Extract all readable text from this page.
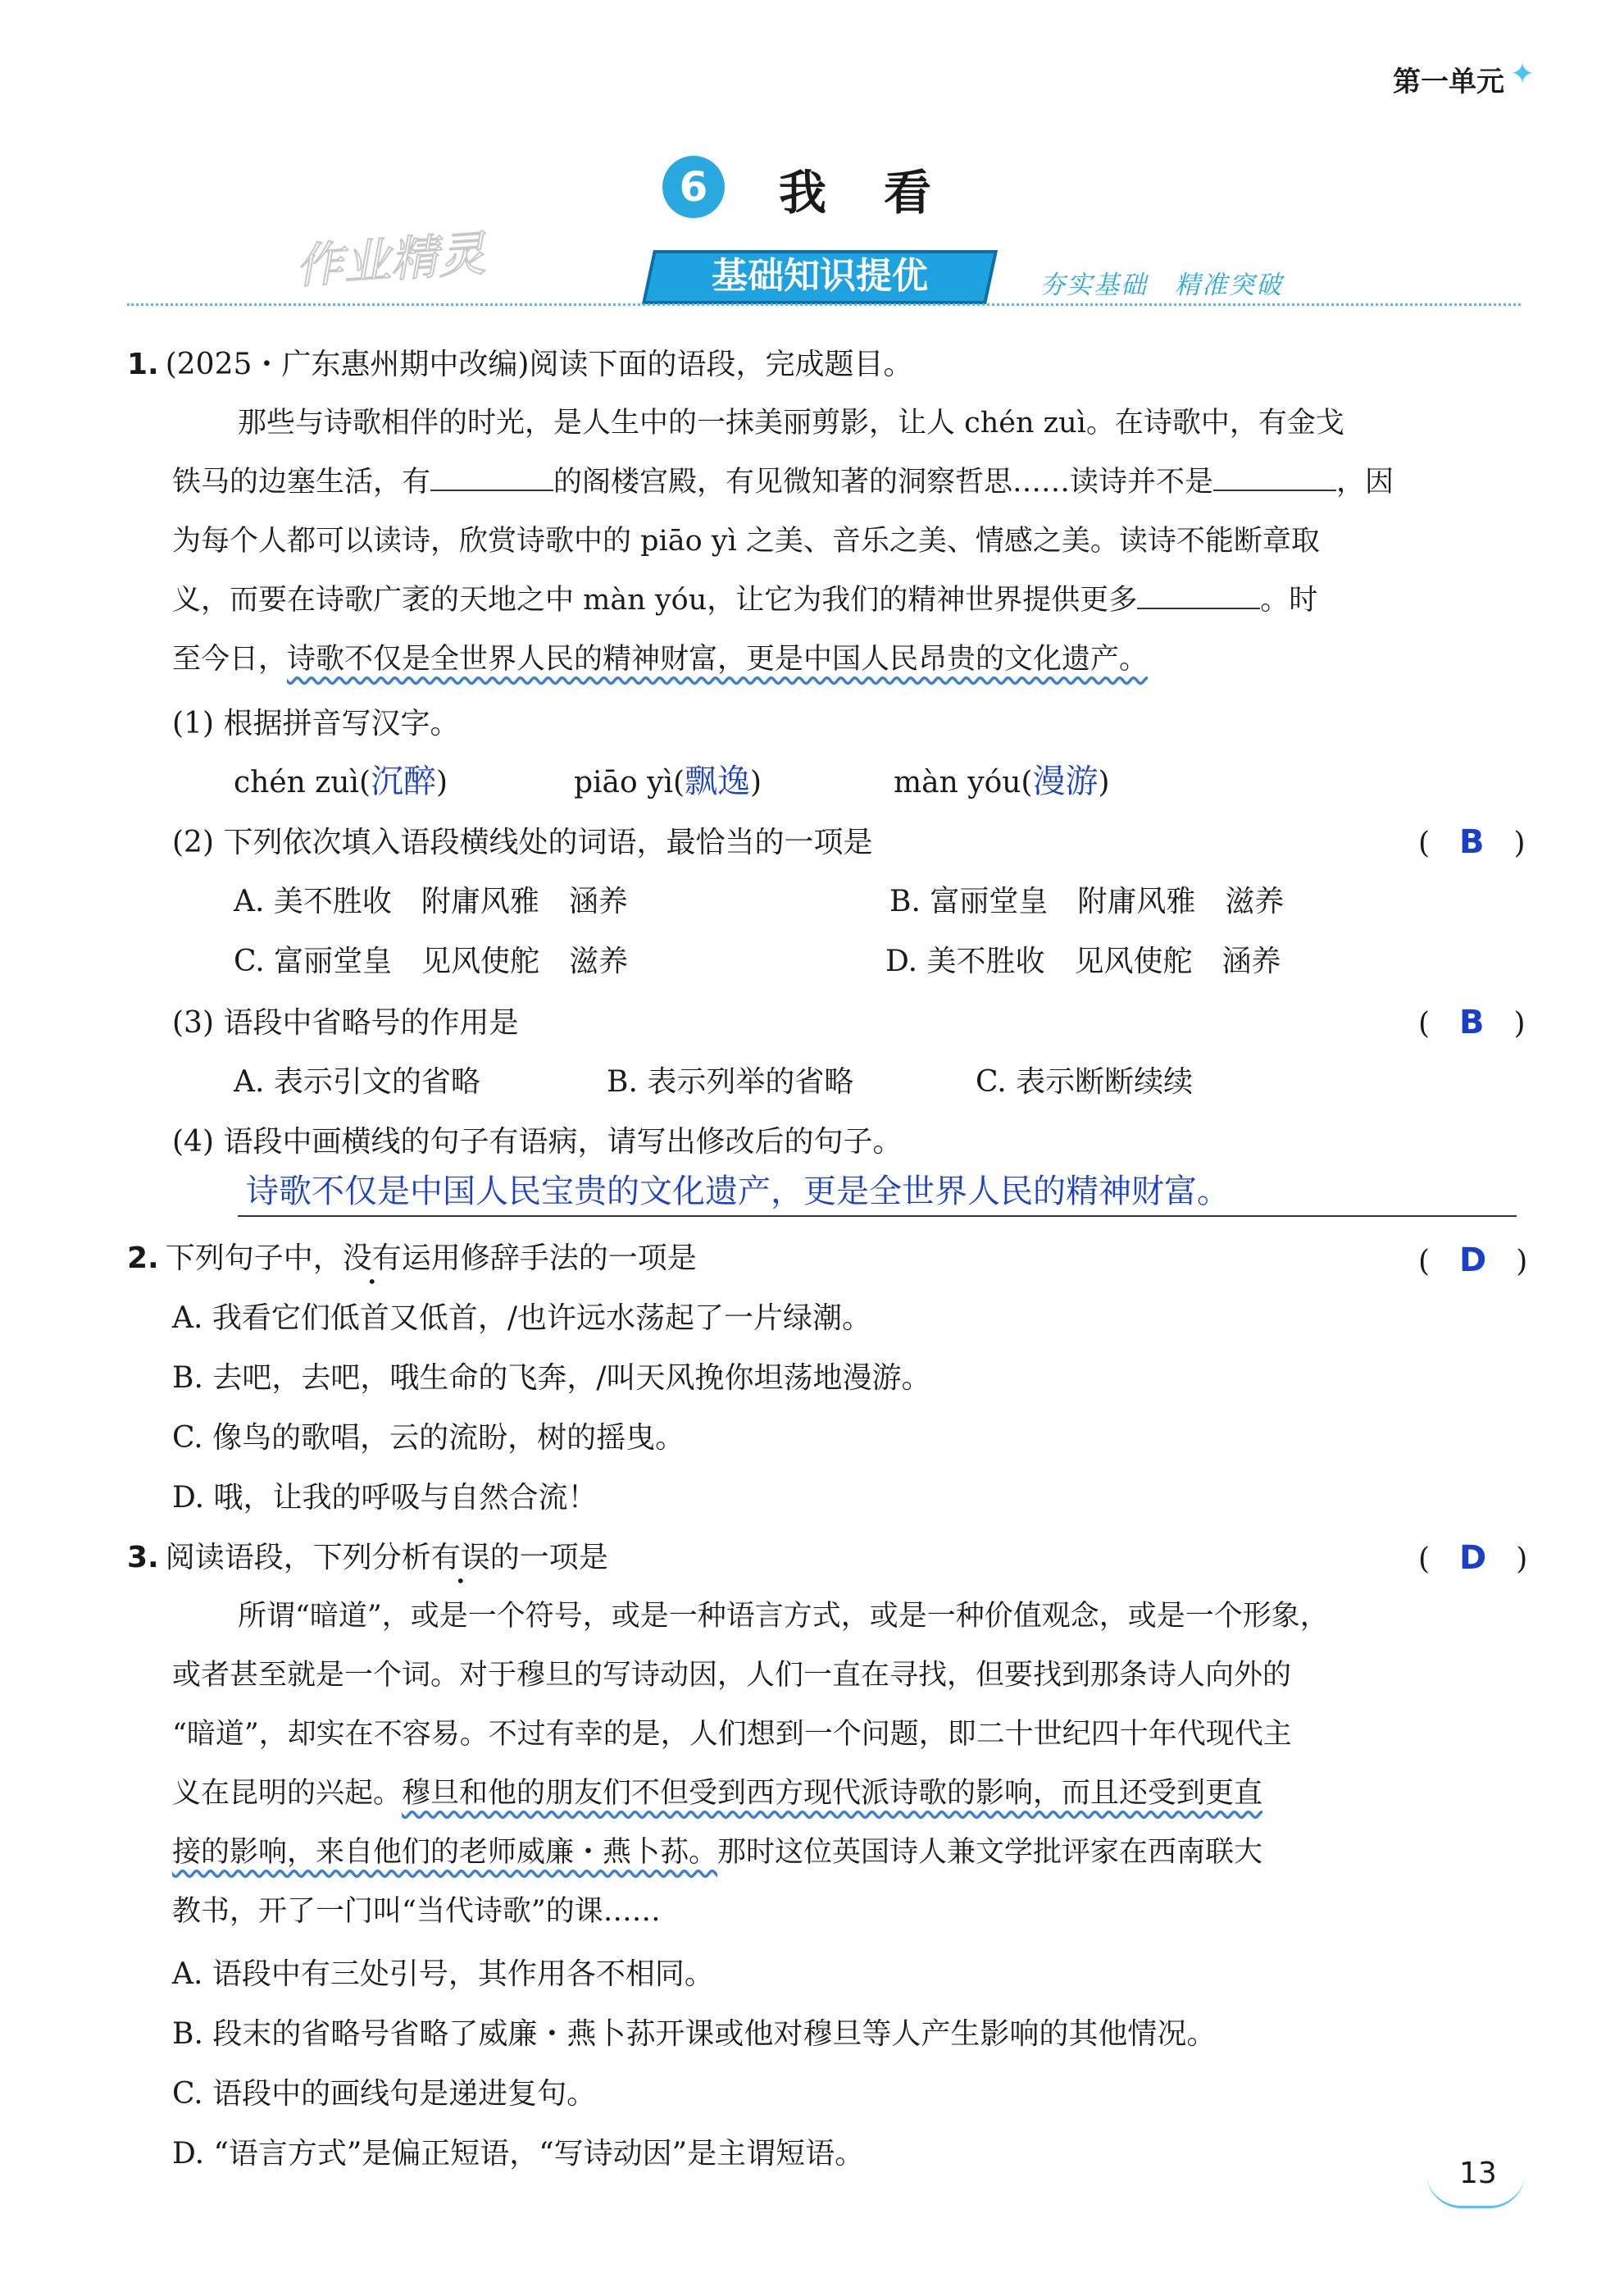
第一单元 ✦
6	我看
作业精灵	基础知识提优	夯实基础　精准突破
1. (2025・广东惠州期中改编)阅读下面的语段，完成题目。
那些与诗歌相伴的时光，是人生中的一抹美丽剪影，让人 chén zuì。在诗歌中，有金戈
铁马的边塞生活，有	的阁楼宫殿，有见微知著的洞察哲思……读诗并不是	，因
为每个人都可以读诗，欣赏诗歌中的 piāo yì 之美、音乐之美、情感之美。读诗不能断章取
义，而要在诗歌广袤的天地之中 màn yóu，让它为我们的精神世界提供更多	。时
至今日，诗歌不仅是全世界人民的精神财富，更是中国人民昂贵的文化遗产。
(1) 根据拼音写汉字。
chén zuì(沉醉)	piāo yì(飘逸)	màn yóu(漫游)
(2) 下列依次填入语段横线处的词语，最恰当的一项是	(　B　)
A. 美不胜收　附庸风雅　涵养	B. 富丽堂皇　附庸风雅　滋养
C. 富丽堂皇　见风使舵　滋养	D. 美不胜收　见风使舵　涵养
(3) 语段中省略号的作用是	(　B　)
A. 表示引文的省略	B. 表示列举的省略	C. 表示断断续续
(4) 语段中画横线的句子有语病，请写出修改后的句子。
诗歌不仅是中国人民宝贵的文化遗产，更是全世界人民的精神财富。
2. 下列句子中，没有运用修辞手法的一项是	(　D　)
A. 我看它们低首又低首，/也许远水荡起了一片绿潮。
B. 去吧，去吧，哦生命的飞奔，/叫天风挽你坦荡地漫游。
C. 像鸟的歌唱，云的流盼，树的摇曳。
D. 哦，让我的呼吸与自然合流！
3. 阅读语段，下列分析有误的一项是	(　D　)
所谓“暗道”，或是一个符号，或是一种语言方式，或是一种价值观念，或是一个形象，
或者甚至就是一个词。对于穆旦的写诗动因，人们一直在寻找，但要找到那条诗人向外的
“暗道”，却实在不容易。不过有幸的是，人们想到一个问题，即二十世纪四十年代现代主
义在昆明的兴起。穆旦和他的朋友们不但受到西方现代派诗歌的影响，而且还受到更直
接的影响，来自他们的老师威廉・燕卜荪。那时这位英国诗人兼文学批评家在西南联大
教书，开了一门叫“当代诗歌”的课……
A. 语段中有三处引号，其作用各不相同。
B. 段末的省略号省略了威廉・燕卜荪开课或他对穆旦等人产生影响的其他情况。
C. 语段中的画线句是递进复句。
D. “语言方式”是偏正短语，“写诗动因”是主谓短语。
13
